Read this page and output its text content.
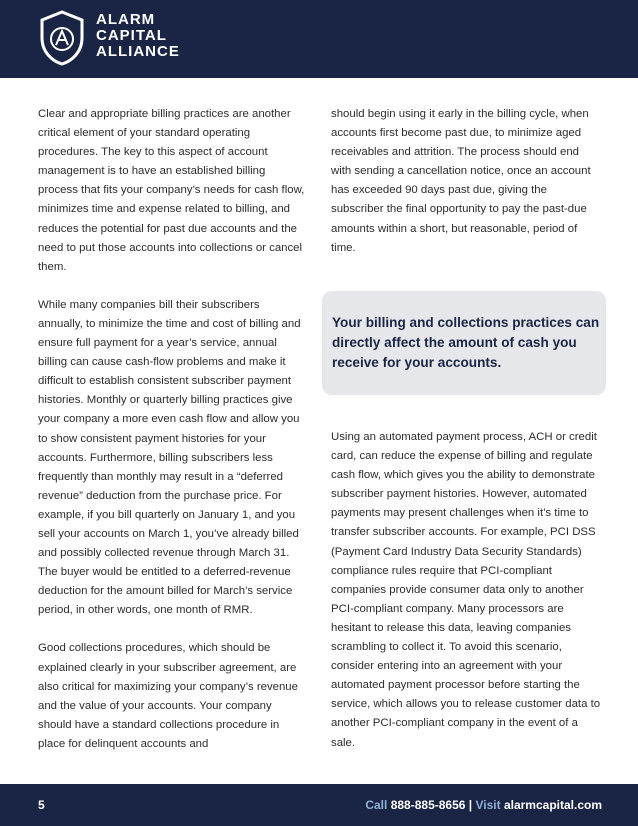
ALARM
CAPITAL
ALLIANCE

Clear and appropriate billing practices are another critical element of your standard operating procedures. The key to this aspect of account management is to have an established billing process that fits your company’s needs for cash flow, minimizes time and expense related to billing, and reduces the potential for past due accounts and the need to put those accounts into collections or cancel them.

While many companies bill their subscribers annually, to minimize the time and cost of billing and ensure full payment for a year’s service, annual billing can cause cash-flow problems and make it difficult to establish consistent subscriber payment histories. Monthly or quarterly billing practices give your company a more even cash flow and allow you to show consistent payment histories for your accounts. Furthermore, billing subscribers less frequently than monthly may result in a “deferred revenue” deduction from the purchase price. For example, if you bill quarterly on January 1, and you sell your accounts on March 1, you’ve already billed and possibly collected revenue through March 31. The buyer would be entitled to a deferred-revenue deduction for the amount billed for March’s service period, in other words, one month of RMR.

Good collections procedures, which should be explained clearly in your subscriber agreement, are also critical for maximizing your company’s revenue and the value of your accounts. Your company should have a standard collections procedure in place for delinquent accounts and

should begin using it early in the billing cycle, when accounts first become past due, to minimize aged receivables and attrition. The process should end with sending a cancellation notice, once an account has exceeded 90 days past due, giving the subscriber the final opportunity to pay the past-due amounts within a short, but reasonable, period of time.

Your billing and collections practices can directly affect the amount of cash you receive for your accounts.

Using an automated payment process, ACH or credit card, can reduce the expense of billing and regulate cash flow, which gives you the ability to demonstrate subscriber payment histories. However, automated payments may present challenges when it’s time to transfer subscriber accounts. For example, PCI DSS (Payment Card Industry Data Security Standards) compliance rules require that PCI-compliant companies provide consumer data only to another PCI-compliant company. Many processors are hesitant to release this data, leaving companies scrambling to collect it. To avoid this scenario, consider entering into an agreement with your automated payment processor before starting the service, which allows you to release customer data to another PCI-compliant company in the event of a sale.

5	Call 888-885-8656 | Visit alarmcapital.com
